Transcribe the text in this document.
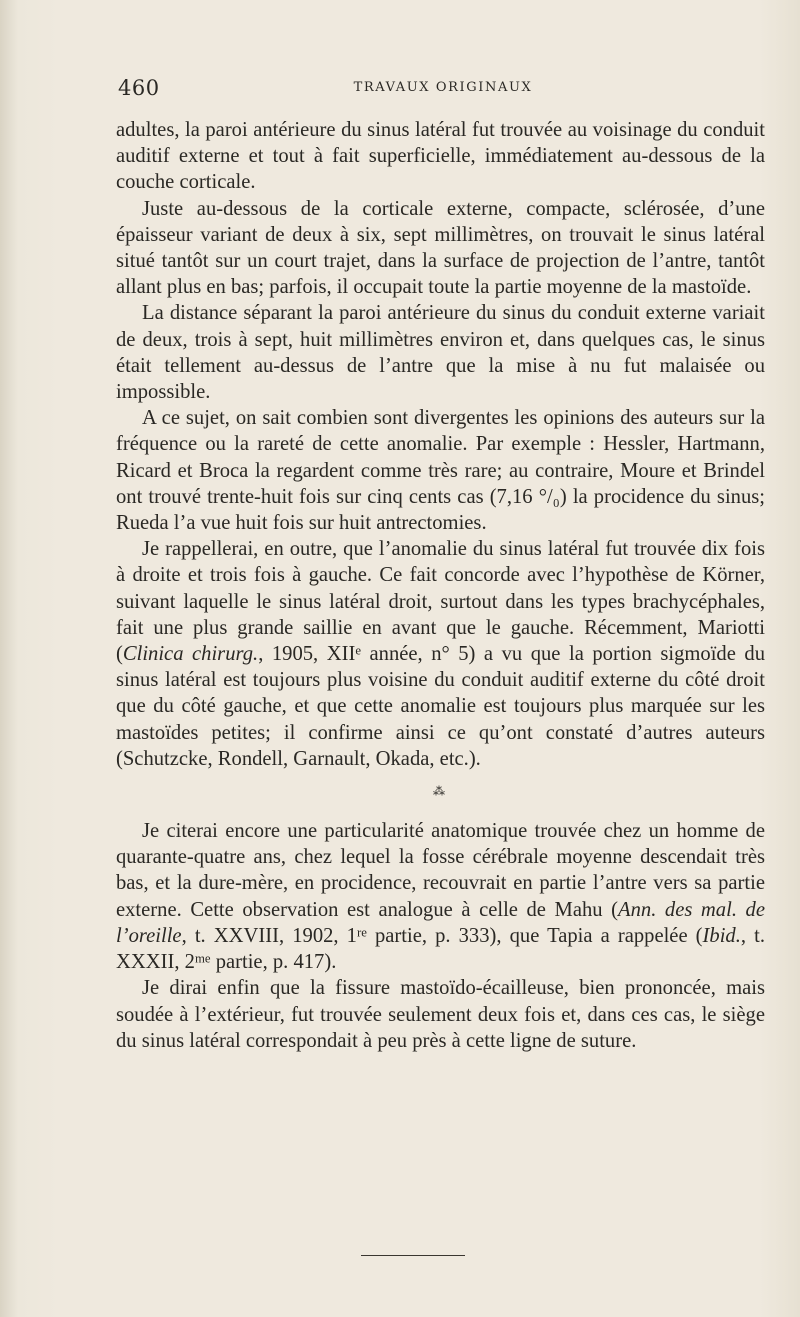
460	TRAVAUX ORIGINAUX

adultes, la paroi antérieure du sinus latéral fut trouvée au voisinage du conduit auditif externe et tout à fait superficielle, immédiatement au-dessous de la couche corticale.

Juste au-dessous de la corticale externe, compacte, sclérosée, d’une épaisseur variant de deux à six, sept millimètres, on trouvait le sinus latéral situé tantôt sur un court trajet, dans la surface de projection de l’antre, tantôt allant plus en bas; parfois, il occupait toute la partie moyenne de la mastoïde.

La distance séparant la paroi antérieure du sinus du conduit externe variait de deux, trois à sept, huit millimètres environ et, dans quelques cas, le sinus était tellement au-dessus de l’antre que la mise à nu fut malaisée ou impossible.

A ce sujet, on sait combien sont divergentes les opinions des auteurs sur la fréquence ou la rareté de cette anomalie. Par exemple : Hessler, Hartmann, Ricard et Broca la regardent comme très rare; au contraire, Moure et Brindel ont trouvé trente-huit fois sur cinq cents cas (7,16 °/₀) la procidence du sinus; Rueda l’a vue huit fois sur huit antrectomies.

Je rappellerai, en outre, que l’anomalie du sinus latéral fut trouvée dix fois à droite et trois fois à gauche. Ce fait concorde avec l’hypothèse de Körner, suivant laquelle le sinus latéral droit, surtout dans les types brachycéphales, fait une plus grande saillie en avant que le gauche. Récemment, Mariotti (Clinica chirurg., 1905, XIIe année, n° 5) a vu que la portion sigmoïde du sinus latéral est toujours plus voisine du conduit auditif externe du côté droit que du côté gauche, et que cette anomalie est toujours plus marquée sur les mastoïdes petites; il confirme ainsi ce qu’ont constaté d’autres auteurs (Schutzcke, Rondell, Garnault, Okada, etc.).

⁂

Je citerai encore une particularité anatomique trouvée chez un homme de quarante-quatre ans, chez lequel la fosse cérébrale moyenne descendait très bas, et la dure-mère, en procidence, recouvrait en partie l’antre vers sa partie externe. Cette observation est analogue à celle de Mahu (Ann. des mal. de l’oreille, t. XXVIII, 1902, 1re partie, p. 333), que Tapia a rappelée (Ibid., t. XXXII, $2^{me}$ partie, p. 417).

Je dirai enfin que la fissure mastoïdo-écailleuse, bien prononcée, mais soudée à l’extérieur, fut trouvée seulement deux fois et, dans ces cas, le siège du sinus latéral correspondait à peu près à cette ligne de suture.
